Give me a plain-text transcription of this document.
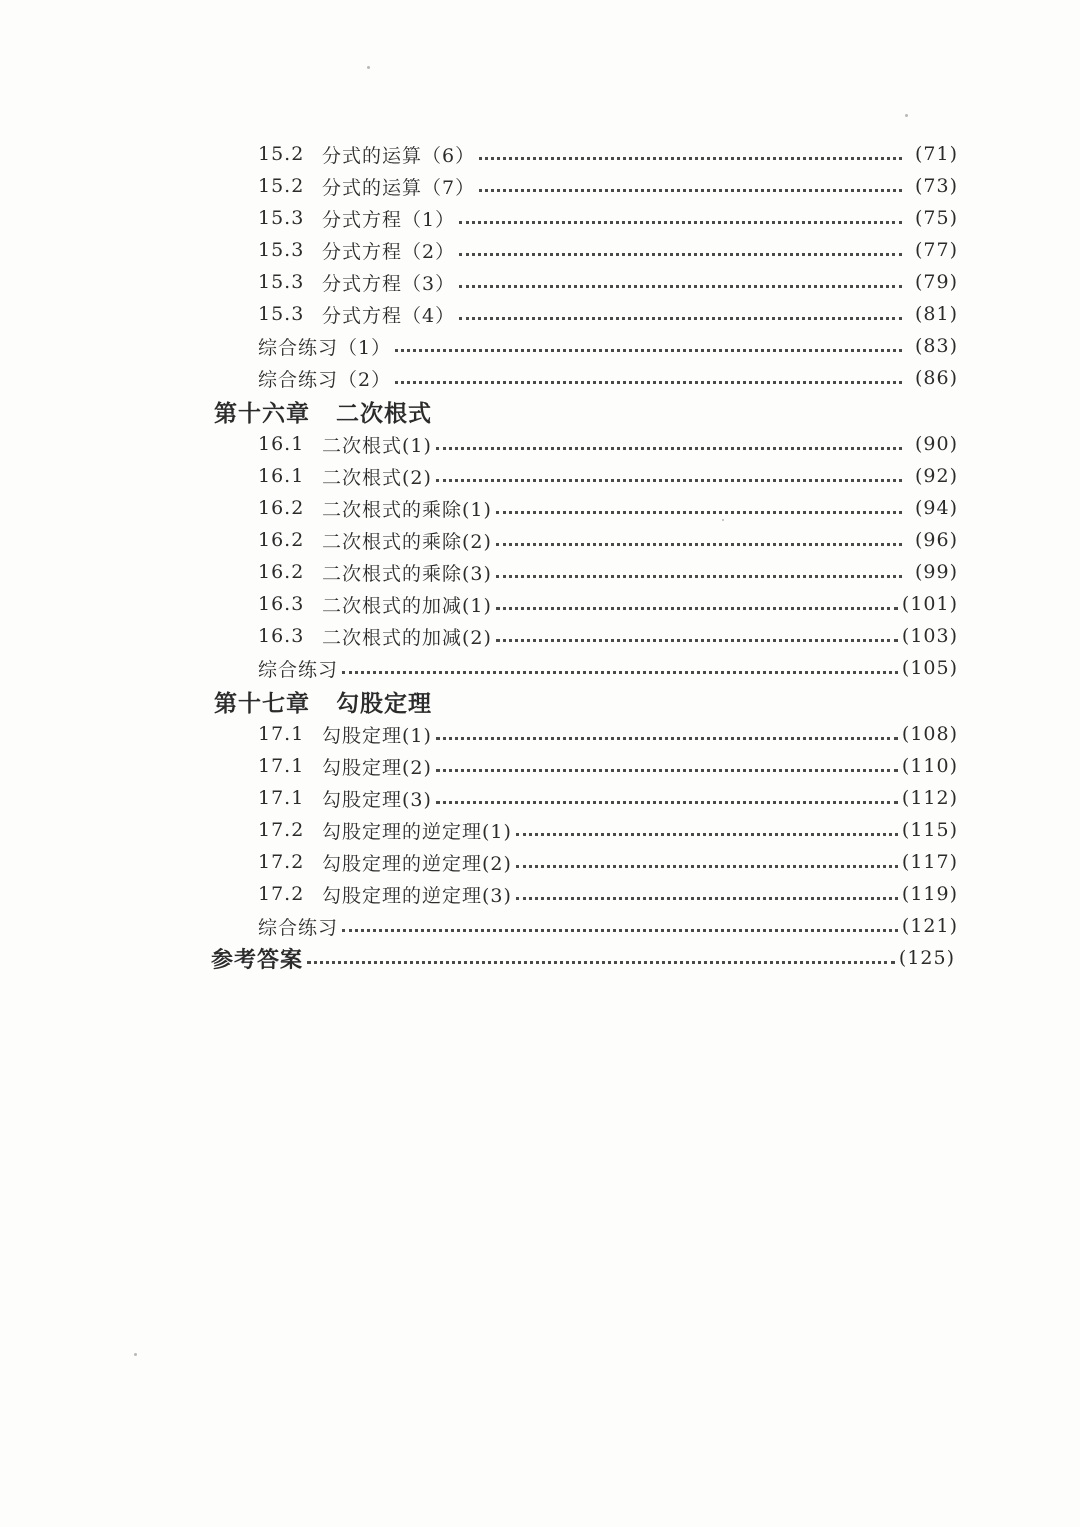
15.2 分式的运算（6）	(71)
15.2 分式的运算（7）	(73)
15.3 分式方程（1）	(75)
15.3 分式方程（2）	(77)
15.3 分式方程（3）	(79)
15.3 分式方程（4）	(81)
综合练习（1）	(83)
综合练习（2）	(86)
第十六章 二次根式
16.1 二次根式(1)	(90)
16.1 二次根式(2)	(92)
16.2 二次根式的乘除(1)	(94)
16.2 二次根式的乘除(2)	(96)
16.2 二次根式的乘除(3)	(99)
16.3 二次根式的加减(1)	(101)
16.3 二次根式的加减(2)	(103)
综合练习	(105)
第十七章 勾股定理
17.1 勾股定理(1)	(108)
17.1 勾股定理(2)	(110)
17.1 勾股定理(3)	(112)
17.2 勾股定理的逆定理(1)	(115)
17.2 勾股定理的逆定理(2)	(117)
17.2 勾股定理的逆定理(3)	(119)
综合练习	(121)
参考答案	(125)
